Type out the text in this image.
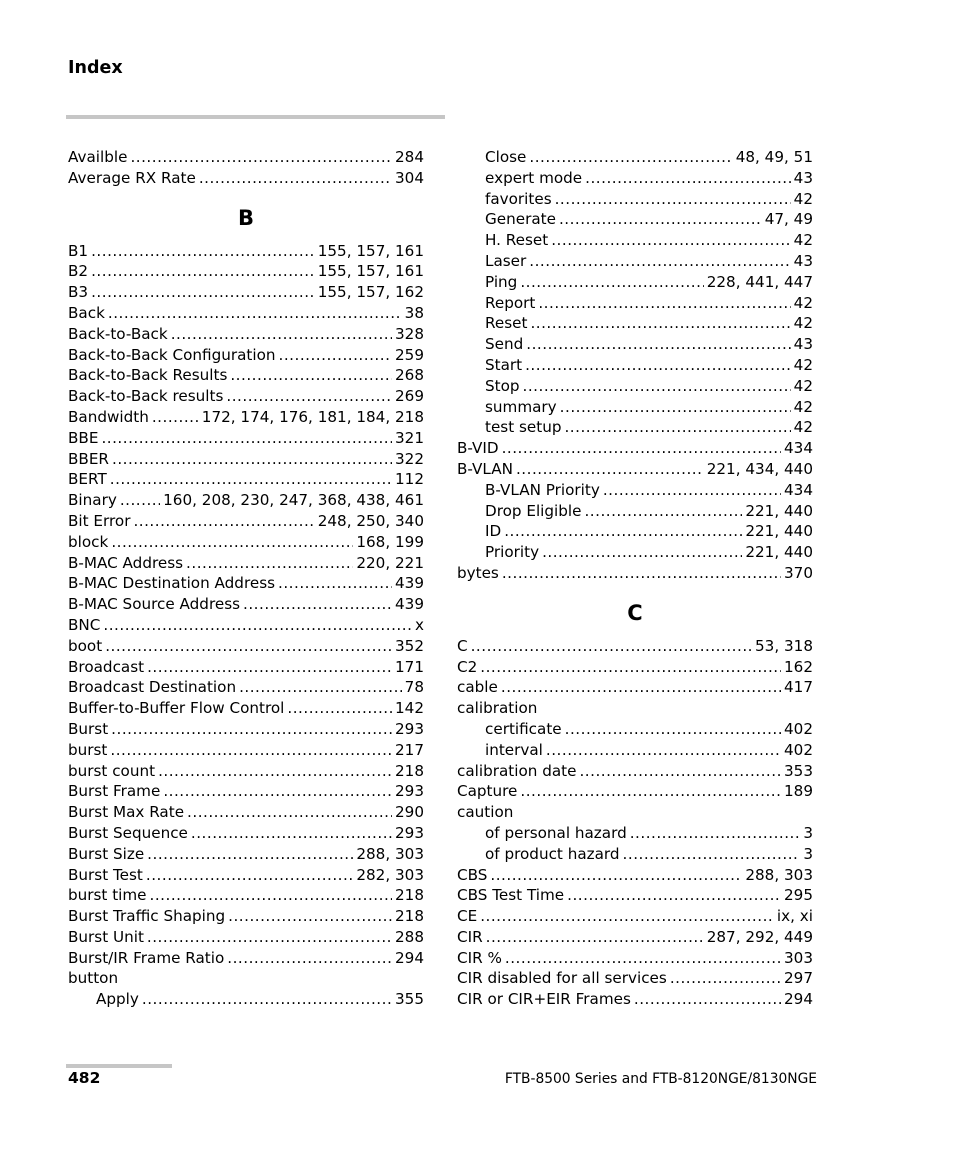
Index
Availble .....	284
Average RX Rate .....	304
B
B1 .....	155, 157, 161
B2 .....	155, 157, 161
B3 .....	155, 157, 162
Back .....	38
Back-to-Back .....	328
Back-to-Back Configuration .....	259
Back-to-Back Results .....	268
Back-to-Back results .....	269
Bandwidth .....	172, 174, 176, 181, 184, 218
BBE .....	321
BBER .....	322
BERT .....	112
Binary .....	160, 208, 230, 247, 368, 438, 461
Bit Error .....	248, 250, 340
block .....	168, 199
B-MAC Address .....	220, 221
B-MAC Destination Address .....	439
B-MAC Source Address .....	439
BNC .....	x
boot .....	352
Broadcast .....	171
Broadcast Destination .....	78
Buffer-to-Buffer Flow Control .....	142
Burst .....	293
burst .....	217
burst count .....	218
Burst Frame .....	293
Burst Max Rate .....	290
Burst Sequence .....	293
Burst Size .....	288, 303
Burst Test .....	282, 303
burst time .....	218
Burst Traffic Shaping .....	218
Burst Unit .....	288
Burst/IR Frame Ratio .....	294
button
Apply .....	355
Close .....	48, 49, 51
expert mode .....	43
favorites .....	42
Generate .....	47, 49
H. Reset .....	42
Laser .....	43
Ping .....	228, 441, 447
Report .....	42
Reset .....	42
Send .....	43
Start .....	42
Stop .....	42
summary .....	42
test setup .....	42
B-VID .....	434
B-VLAN .....	221, 434, 440
B-VLAN Priority .....	434
Drop Eligible .....	221, 440
ID .....	221, 440
Priority .....	221, 440
bytes .....	370
C
C .....	53, 318
C2 .....	162
cable .....	417
calibration
certificate .....	402
interval .....	402
calibration date .....	353
Capture .....	189
caution
of personal hazard .....	3
of product hazard .....	3
CBS .....	288, 303
CBS Test Time .....	295
CE .....	ix, xi
CIR .....	287, 292, 449
CIR % .....	303
CIR disabled for all services .....	297
CIR or CIR+EIR Frames .....	294
482	FTB-8500 Series and FTB-8120NGE/8130NGE
